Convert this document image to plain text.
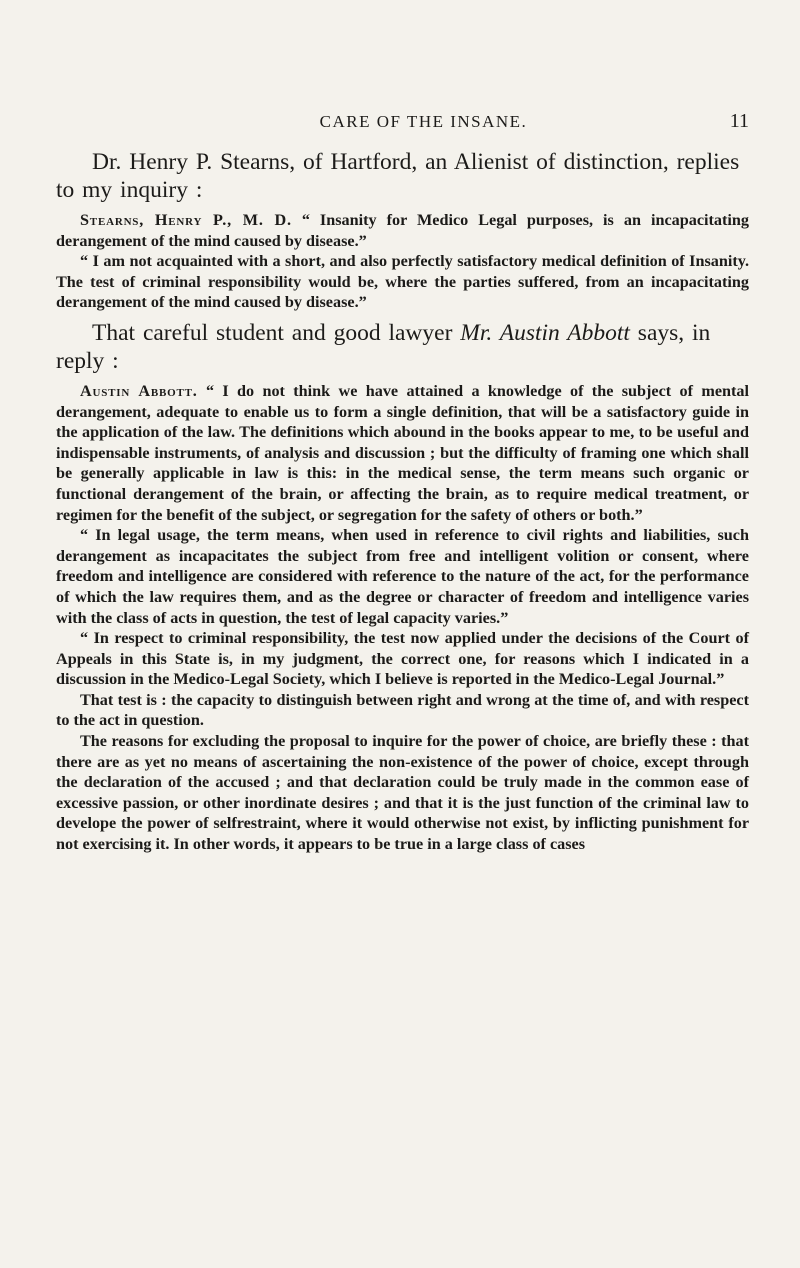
CARE OF THE INSANE.	11

Dr. Henry P. Stearns, of Hartford, an Alienist of distinction, replies to my inquiry :

Stearns, Henry P., M. D. “ Insanity for Medico Legal purposes, is an incapacitating derangement of the mind caused by disease.”

“ I am not acquainted with a short, and also perfectly satisfactory medical definition of Insanity. The test of criminal responsibility would be, where the parties suffered, from an incapacitating derangement of the mind caused by disease.”

That careful student and good lawyer Mr. Austin Abbott says, in reply :

Austin Abbott. “ I do not think we have attained a knowledge of the subject of mental derangement, adequate to enable us to form a single definition, that will be a satisfactory guide in the application of the law. The definitions which abound in the books appear to me, to be useful and indispensable instruments, of analysis and discussion ; but the difficulty of framing one which shall be generally applicable in law is this: in the medical sense, the term means such organic or functional derangement of the brain, or affecting the brain, as to require medical treatment, or regimen for the benefit of the subject, or segregation for the safety of others or both.”

“ In legal usage, the term means, when used in reference to civil rights and liabilities, such derangement as incapacitates the subject from free and intelligent volition or consent, where freedom and intelligence are considered with reference to the nature of the act, for the performance of which the law requires them, and as the degree or character of freedom and intelligence varies with the class of acts in question, the test of legal capacity varies.”

“ In respect to criminal responsibility, the test now applied under the decisions of the Court of Appeals in this State is, in my judgment, the correct one, for reasons which I indicated in a discussion in the Medico-Legal Society, which I believe is reported in the Medico-Legal Journal.”

That test is : the capacity to distinguish between right and wrong at the time of, and with respect to the act in question.

The reasons for excluding the proposal to inquire for the power of choice, are briefly these : that there are as yet no means of ascertaining the non-existence of the power of choice, except through the declaration of the accused ; and that declaration could be truly made in the common ease of excessive passion, or other inordinate desires ; and that it is the just function of the criminal law to develope the power of selfrestraint, where it would otherwise not exist, by inflicting punishment for not exercising it. In other words, it appears to be true in a large class of cases
